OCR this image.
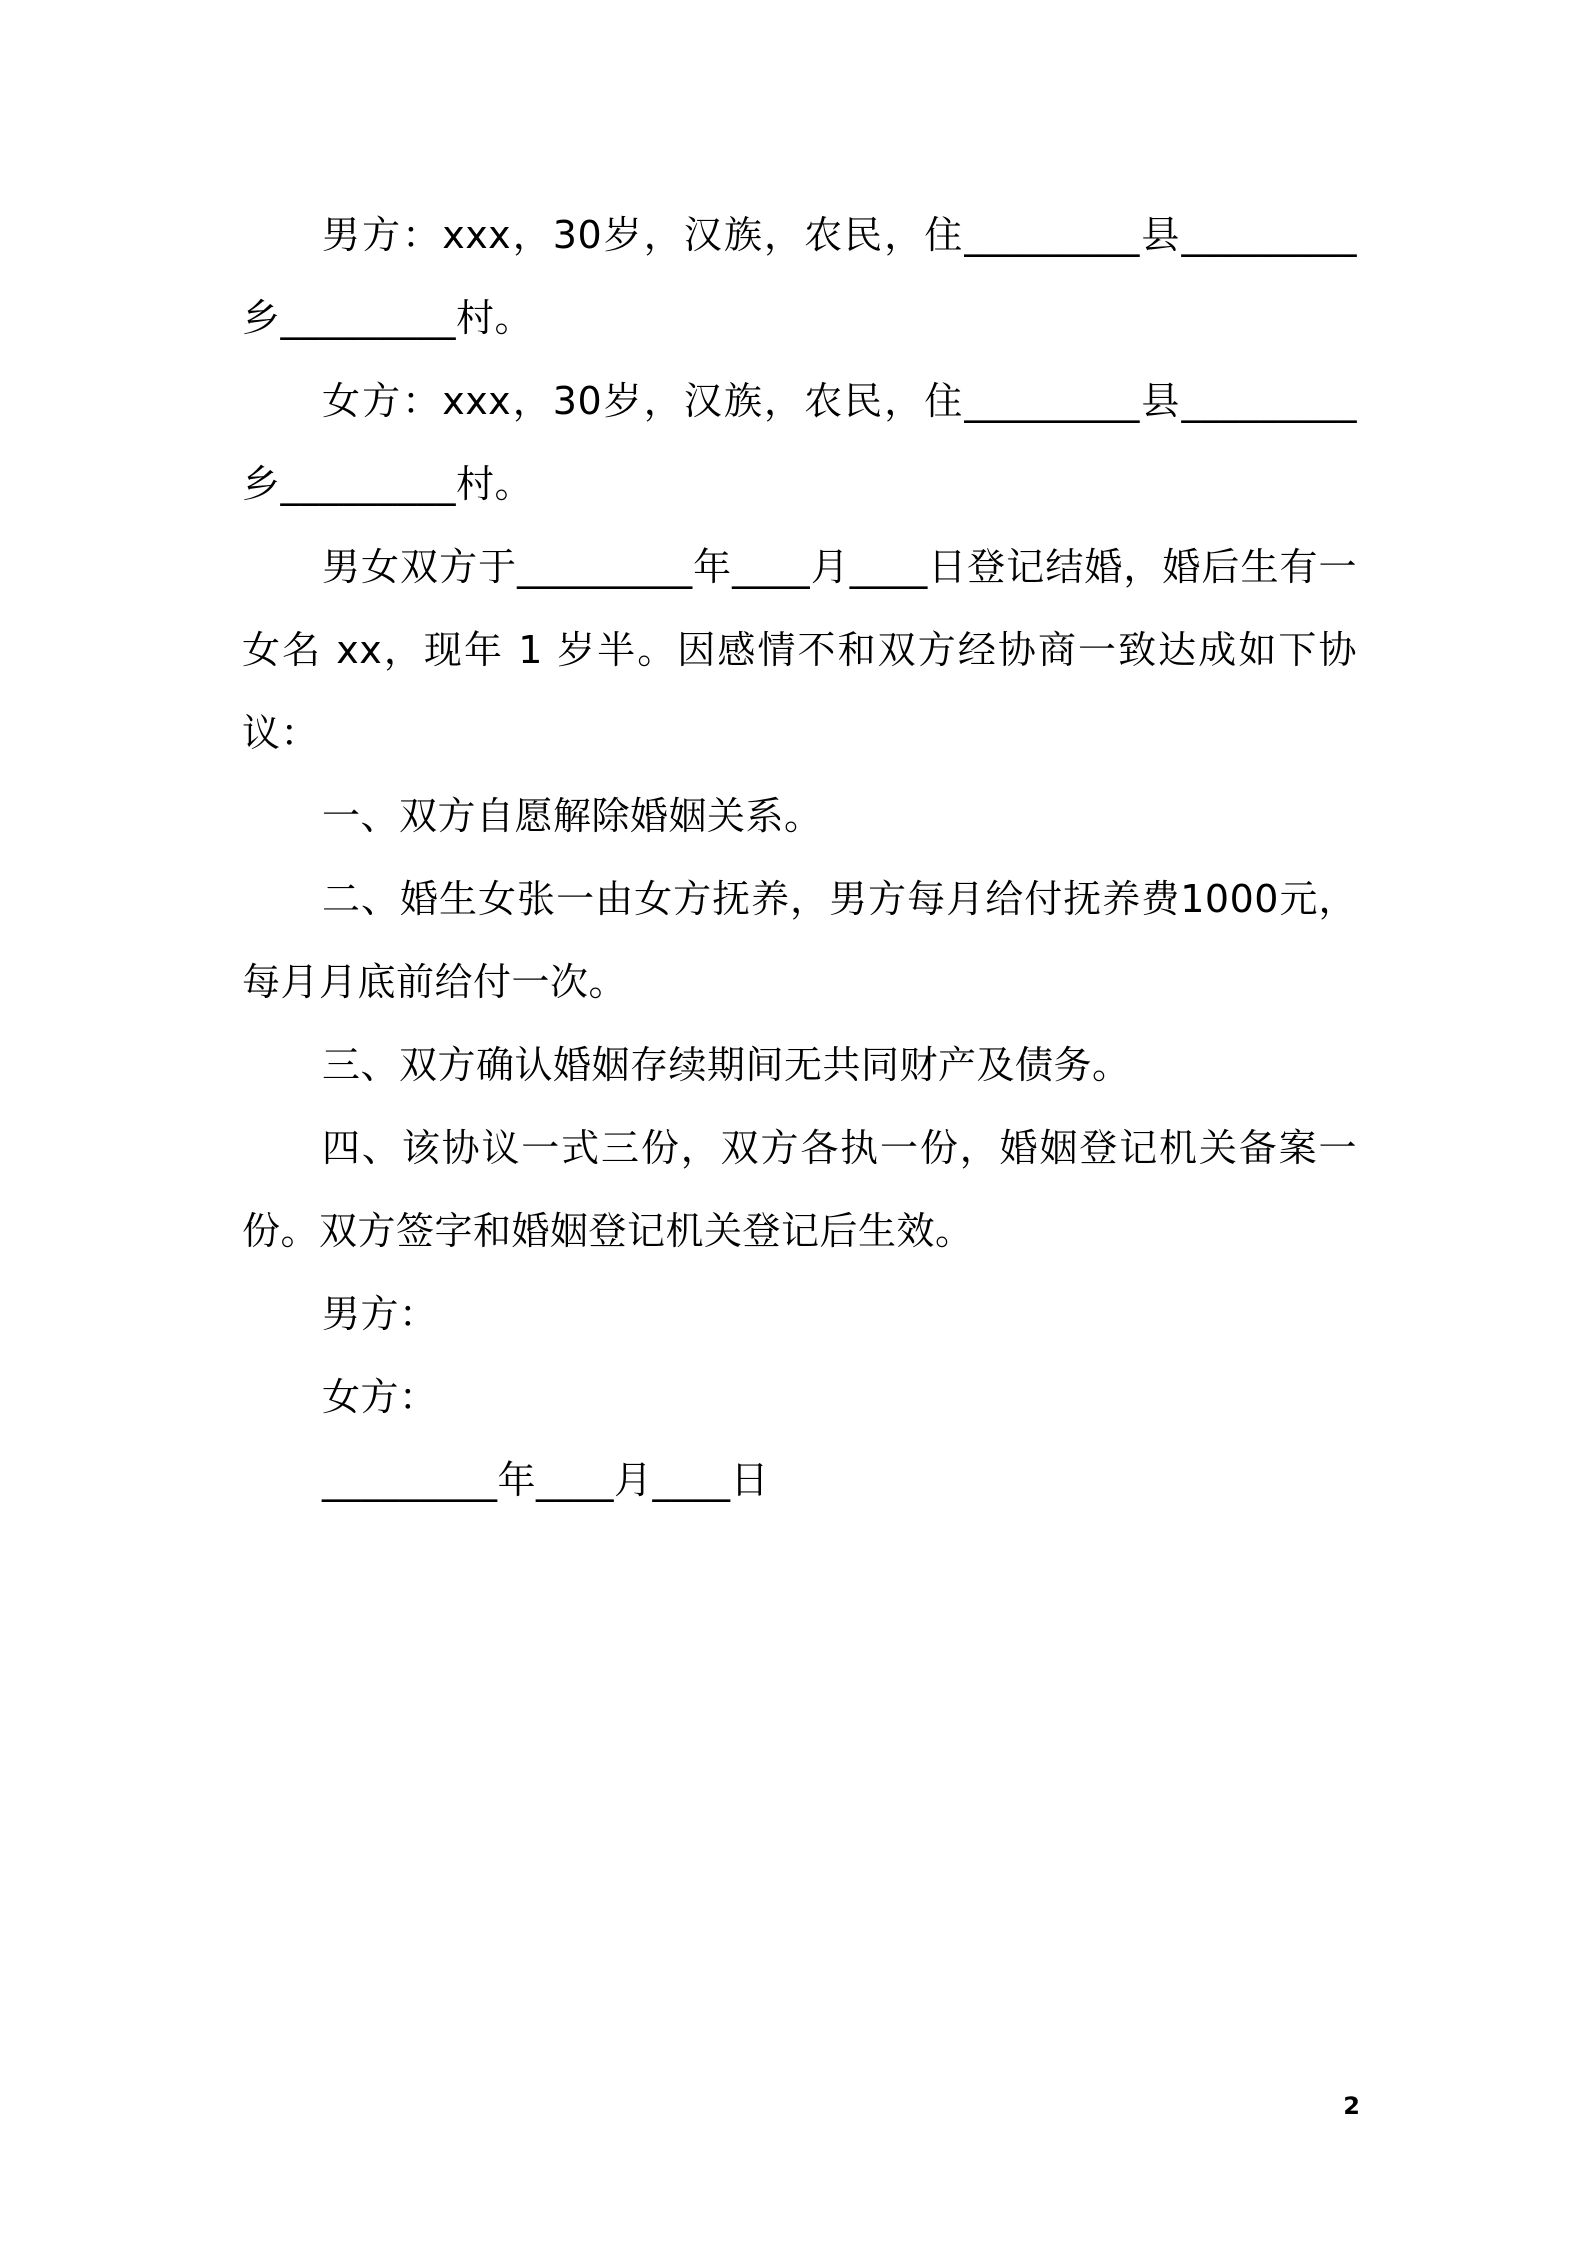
男方：xxx，30岁，汉族，农民，住_________县_________乡_________村。

女方：xxx，30岁，汉族，农民，住_________县_________乡_________村。

男女双方于_________年____月____日登记结婚，婚后生有一女名 xx，现年 1 岁半。因感情不和双方经协商一致达成如下协议：

一、双方自愿解除婚姻关系。

二、婚生女张一由女方抚养，男方每月给付抚养费1000元，每月月底前给付一次。

三、双方确认婚姻存续期间无共同财产及债务。

四、该协议一式三份，双方各执一份，婚姻登记机关备案一份。双方签字和婚姻登记机关登记后生效。

男方：

女方：

_________年____月____日

2
